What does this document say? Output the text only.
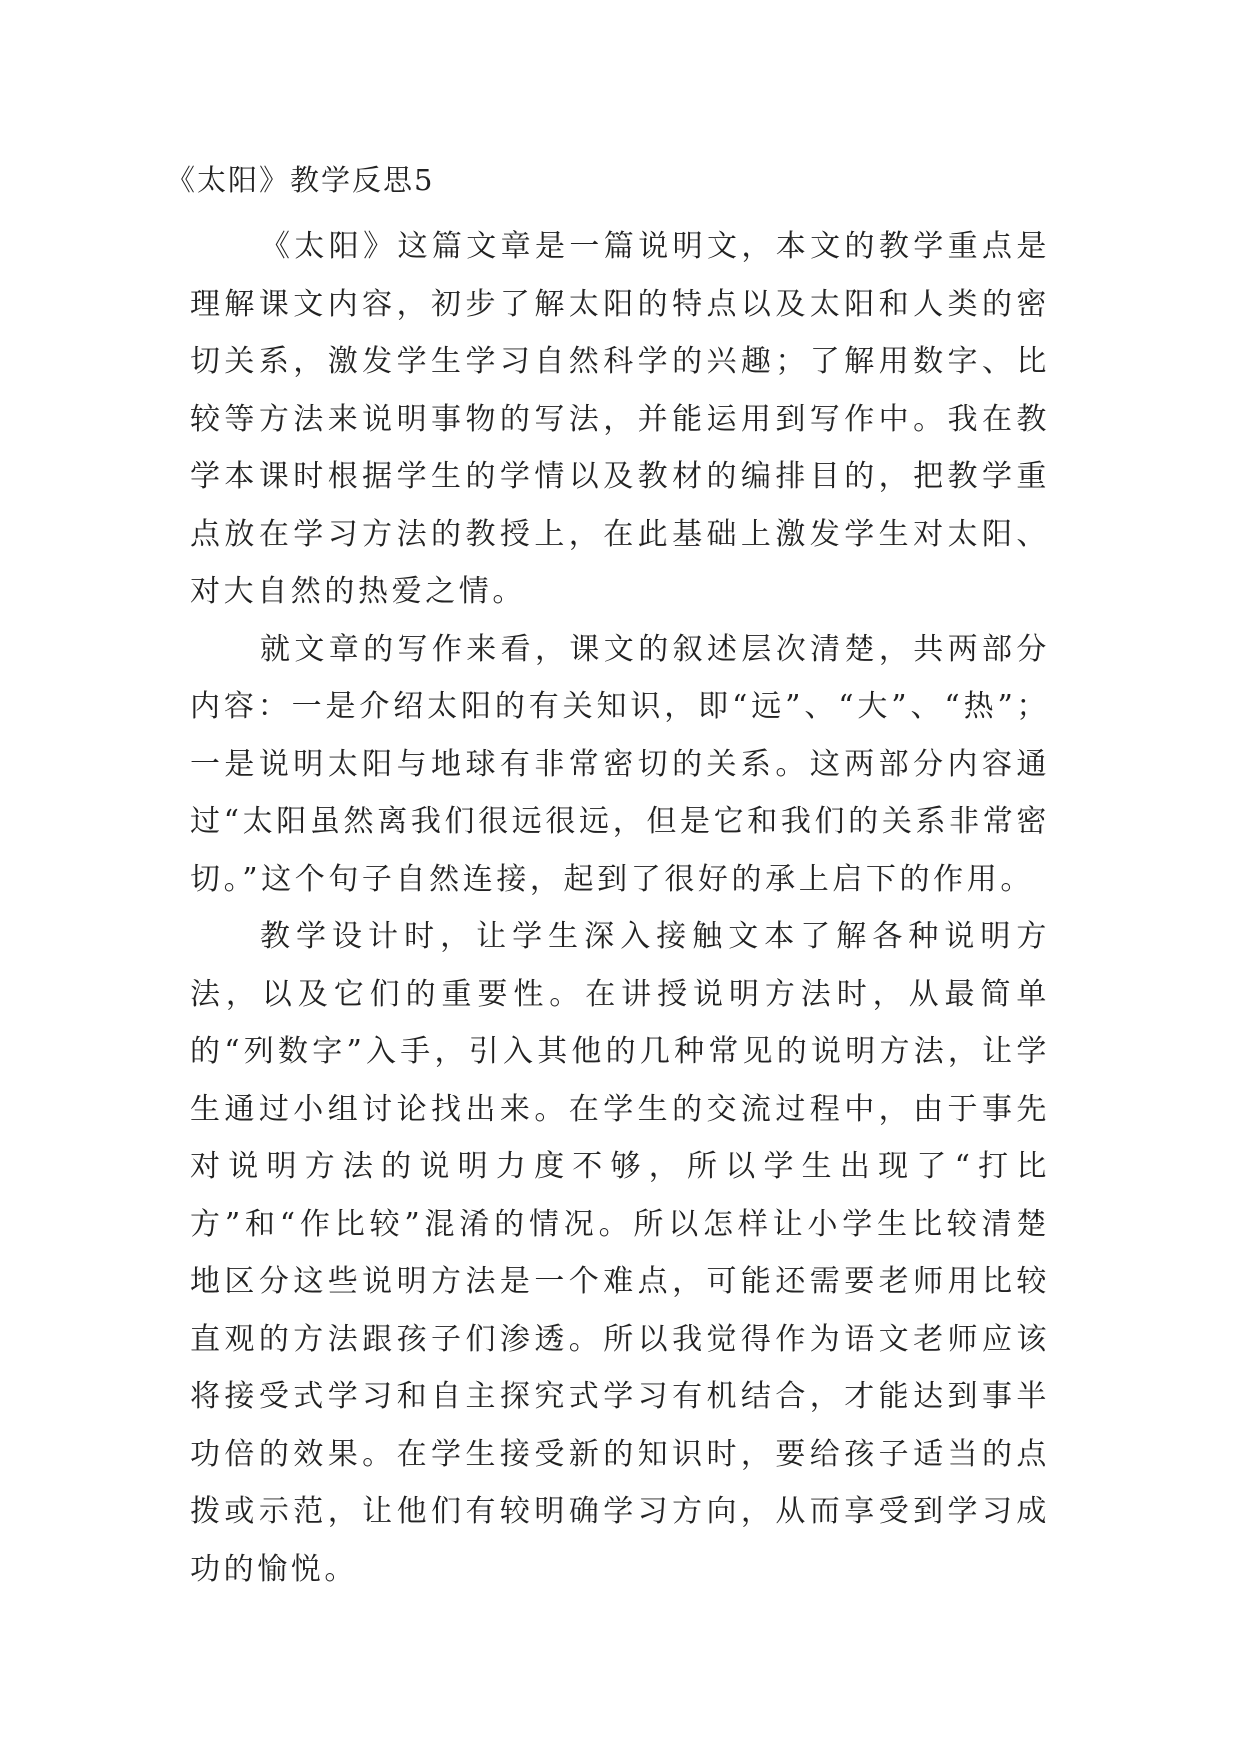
《太阳》教学反思5

《太阳》这篇文章是一篇说明文，本文的教学重点是理解课文内容，初步了解太阳的特点以及太阳和人类的密切关系，激发学生学习自然科学的兴趣；了解用数字、比较等方法来说明事物的写法，并能运用到写作中。我在教学本课时根据学生的学情以及教材的编排目的，把教学重点放在学习方法的教授上，在此基础上激发学生对太阳、对大自然的热爱之情。

就文章的写作来看，课文的叙述层次清楚，共两部分内容：一是介绍太阳的有关知识，即“远”、“大”、“热”；一是说明太阳与地球有非常密切的关系。这两部分内容通过“太阳虽然离我们很远很远，但是它和我们的关系非常密切。”这个句子自然连接，起到了很好的承上启下的作用。

教学设计时，让学生深入接触文本了解各种说明方法，以及它们的重要性。在讲授说明方法时，从最简单的“列数字”入手，引入其他的几种常见的说明方法，让学生通过小组讨论找出来。在学生的交流过程中，由于事先对说明方法的说明力度不够，所以学生出现了“打比方”和“作比较”混淆的情况。所以怎样让小学生比较清楚地区分这些说明方法是一个难点，可能还需要老师用比较直观的方法跟孩子们渗透。所以我觉得作为语文老师应该将接受式学习和自主探究式学习有机结合，才能达到事半功倍的效果。在学生接受新的知识时，要给孩子适当的点拨或示范，让他们有较明确学习方向，从而享受到学习成功的愉悦。
